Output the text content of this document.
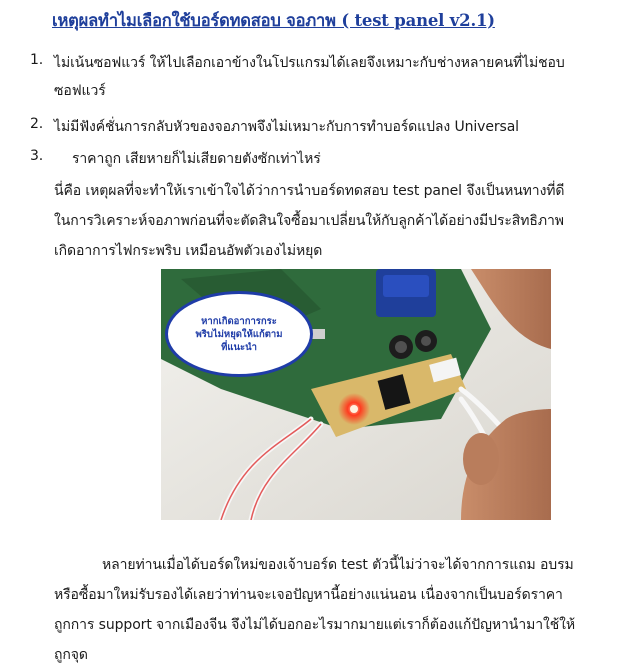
เหตุผลทำไมเลือกใช้บอร์ดทดสอบ จอภาพ ( test panel v2.1)
1. ไม่เน้นซอฟแวร์ ให้ไปเลือกเอาข้างในโปรแกรมได้เลยจึงเหมาะกับช่างหลายคนที่ไม่ชอบ
ซอฟแวร์
2. ไม่มีฟังค์ชั่นการกลับหัวของจอภาพจึงไม่เหมาะกับการทำบอร์ดแปลง Universal
3. ราคาถูก เสียหายก็ไม่เสียดายตังซักเท่าไหร่
นี่คือ เหตุผลที่จะทำให้เราเข้าใจได้ว่าการนำบอร์ดทดสอบ test panel จึงเป็นหนทางที่ดี
ในการวิเคราะห์จอภาพก่อนที่จะตัดสินใจซื้อมาเปลี่ยนให้กับลูกค้าได้อย่างมีประสิทธิภาพ
เกิดอาการไฟกระพริบ เหมือนอัพตัวเองไม่หยุด
หากเกิดอาการกระ
พริบไม่หยุดให้แก้ตาม
ที่แนะนำ
หลายท่านเมื่อได้บอร์ดใหม่ของเจ้าบอร์ด test ตัวนี้ไม่ว่าจะได้จากการแถม อบรม
หรือซื้อมาใหม่รับรองได้เลยว่าท่านจะเจอปัญหานี้อย่างแน่นอน เนื่องจากเป็นบอร์ดราคา
ถูกการ support จากเมืองจีน จึงไม่ได้บอกอะไรมากมายแต่เราก็ต้องแก้ปัญหานำมาใช้ให้
ถูกจุด
